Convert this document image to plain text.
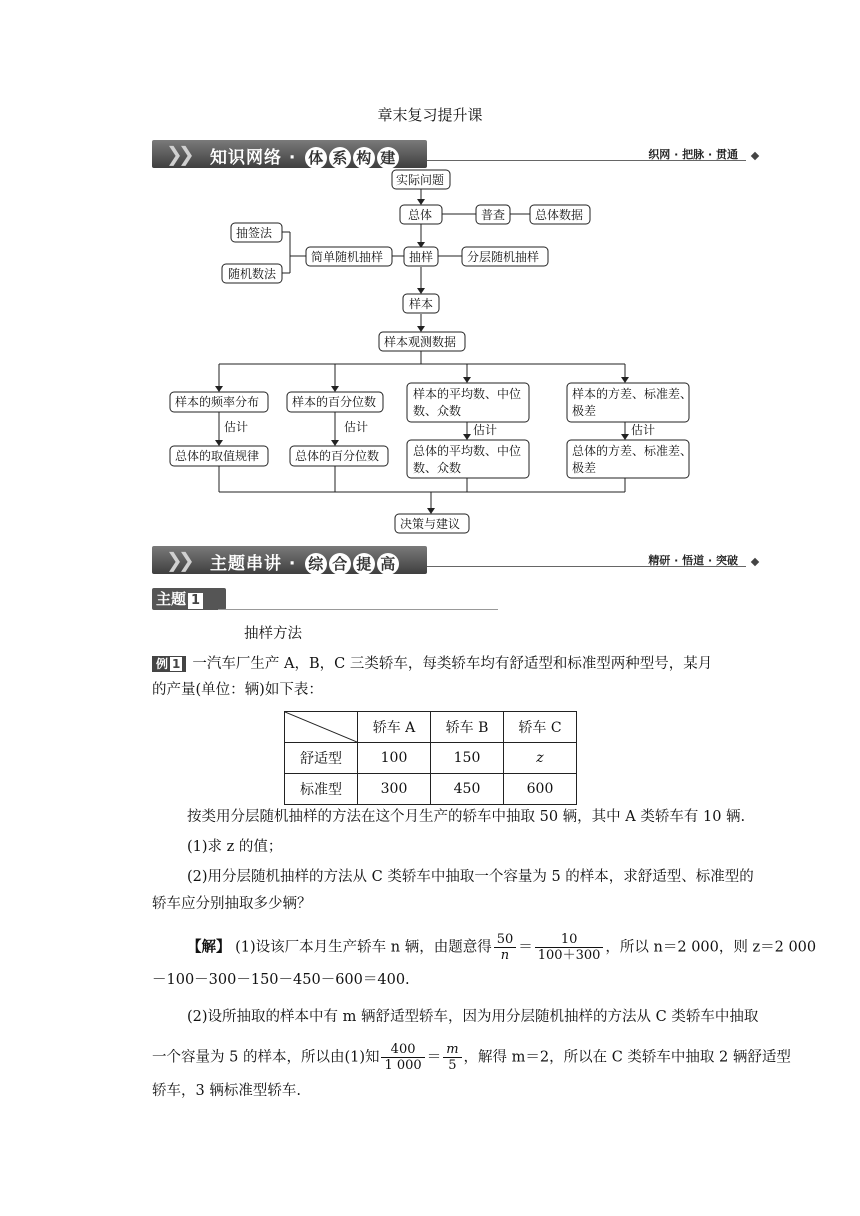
章末复习提升课
❯
❯ 知识网络 · 体 系 构 建	织网 · 把脉 · 贯通
实际问题
总体	普查 总体数据
抽签法
随机数法
简单随机抽样 抽样	分层随机抽样
样本
样本观测数据
样本的频率分布	样本的百分位数
样本的平均数、中位
数、众数
样本的方差、标准差、
极差
估计	估计	估计	估计
总体的取值规律	总体的百分位数	总体的平均数、中位
数、众数
总体的方差、标准差、
极差
决策与建议
❯
❯ 主题串讲 · 综 合 提 高	精研 · 悟道 · 突破
主题 1
抽样方法
例 1 一汽车厂生产 A，B，C 三类轿车，每类轿车均有舒适型和标准型两种型号，某月
的产量(单位：辆)如下表：
	轿车 A	轿车 B	轿车 C
舒适型	100	150	z
标准型	300	450	600
按类用分层随机抽样的方法在这个月生产的轿车中抽取 50 辆，其中 A 类轿车有 10 辆.
(1)求 z 的值；
(2)用分层随机抽样的方法从 C 类轿车中抽取一个容量为 5 的样本，求舒适型、标准型的
轿车应分别抽取多少辆？
【解】 (1)设该厂本月生产轿车 n 辆，由题意得 $\frac{50}{n} = \frac{10}{100+300}$ ，所以 n＝2 000，则 z＝2 000
－100－300－150－450－600＝400.
(2)设所抽取的样本中有 m 辆舒适型轿车，因为用分层随机抽样的方法从 C 类轿车中抽取
一个容量为 5 的样本，所以由(1)知 $\frac{400}{1 000} = \frac{m}{5}$ ，解得 m＝2，所以在 C 类轿车中抽取 2 辆舒适型
轿车，3 辆标准型轿车.
